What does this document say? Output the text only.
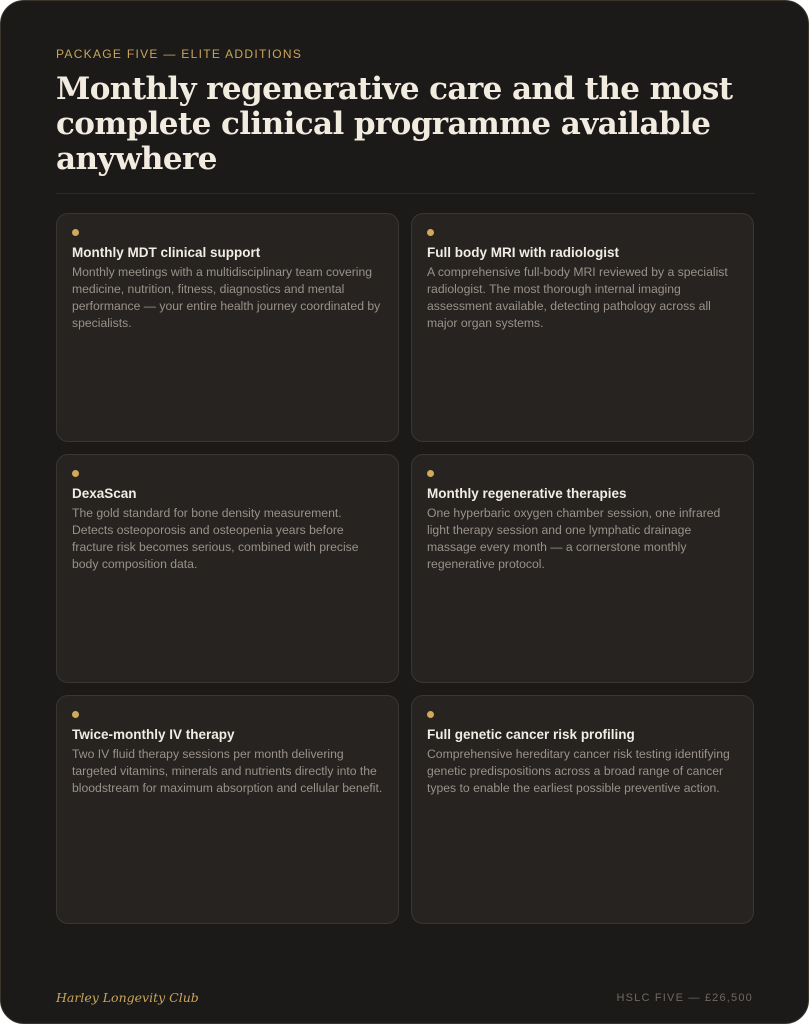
PACKAGE FIVE — ELITE ADDITIONS
Monthly regenerative care and the most complete clinical programme available anywhere
Monthly MDT clinical support
Monthly meetings with a multidisciplinary team covering medicine, nutrition, fitness, diagnostics and mental performance — your entire health journey coordinated by specialists.
Full body MRI with radiologist
A comprehensive full-body MRI reviewed by a specialist radiologist. The most thorough internal imaging assessment available, detecting pathology across all major organ systems.
DexaScan
The gold standard for bone density measurement. Detects osteoporosis and osteopenia years before fracture risk becomes serious, combined with precise body composition data.
Monthly regenerative therapies
One hyperbaric oxygen chamber session, one infrared light therapy session and one lymphatic drainage massage every month — a cornerstone monthly regenerative protocol.
Twice-monthly IV therapy
Two IV fluid therapy sessions per month delivering targeted vitamins, minerals and nutrients directly into the bloodstream for maximum absorption and cellular benefit.
Full genetic cancer risk profiling
Comprehensive hereditary cancer risk testing identifying genetic predispositions across a broad range of cancer types to enable the earliest possible preventive action.
Harley Longevity Club	HSLC FIVE — £26,500
